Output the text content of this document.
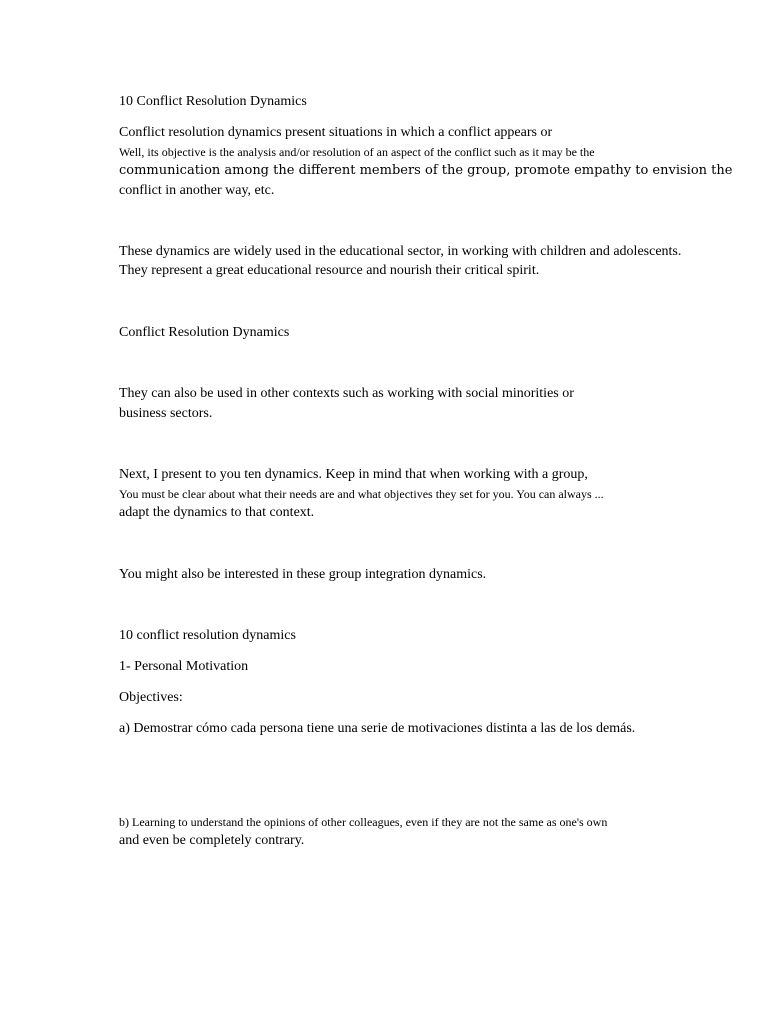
10 Conflict Resolution Dynamics
Conflict resolution dynamics present situations in which a conflict appears or
Well, its objective is the analysis and/or resolution of an aspect of the conflict such as it may be the
communication among the different members of the group, promote empathy to envision the
conflict in another way, etc.
These dynamics are widely used in the educational sector, in working with children and adolescents.
They represent a great educational resource and nourish their critical spirit.
Conflict Resolution Dynamics
They can also be used in other contexts such as working with social minorities or
business sectors.
Next, I present to you ten dynamics. Keep in mind that when working with a group,
You must be clear about what their needs are and what objectives they set for you. You can always ...
adapt the dynamics to that context.
You might also be interested in these group integration dynamics.
10 conflict resolution dynamics
1- Personal Motivation
Objectives:
a) Demostrar cómo cada persona tiene una serie de motivaciones distinta a las de los demás.
b) Learning to understand the opinions of other colleagues, even if they are not the same as one's own
and even be completely contrary.
